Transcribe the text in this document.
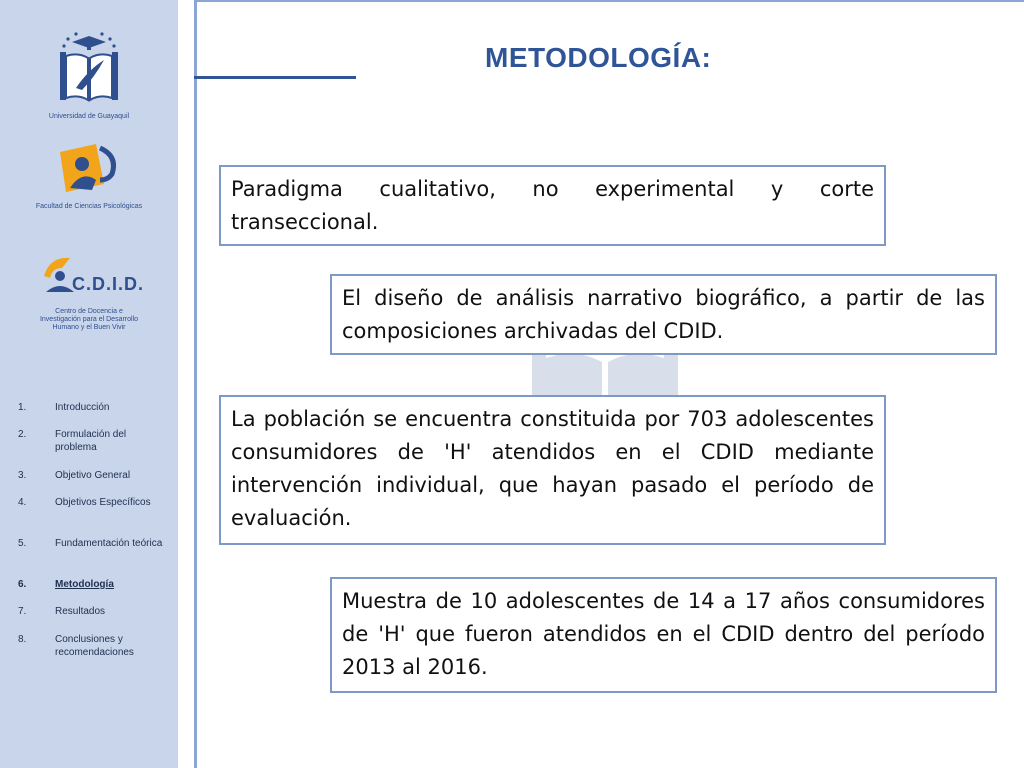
Universidad de Guayaquil
Facultad de Ciencias Psicológicas
C.D.I.D.
Centro de Docencia e Investigación para el Desarrollo Humano y el Buen Vivir
1.	Introducción
2.	Formulación del problema
3.	Objetivo General
4.	Objetivos Específicos
5.	Fundamentación teórica
6.	Metodología
7.	Resultados
8.	Conclusiones y recomendaciones
METODOLOGÍA:
Paradigma cualitativo, no experimental y corte transeccional.
El diseño de análisis narrativo biográfico, a partir de las composiciones archivadas del CDID.
La población se encuentra constituida por 703 adolescentes consumidores de 'H' atendidos en el CDID mediante intervención individual, que hayan pasado el período de evaluación.
Muestra de 10 adolescentes de 14 a 17 años consumidores de 'H' que fueron atendidos en el CDID dentro del período 2013 al 2016.
